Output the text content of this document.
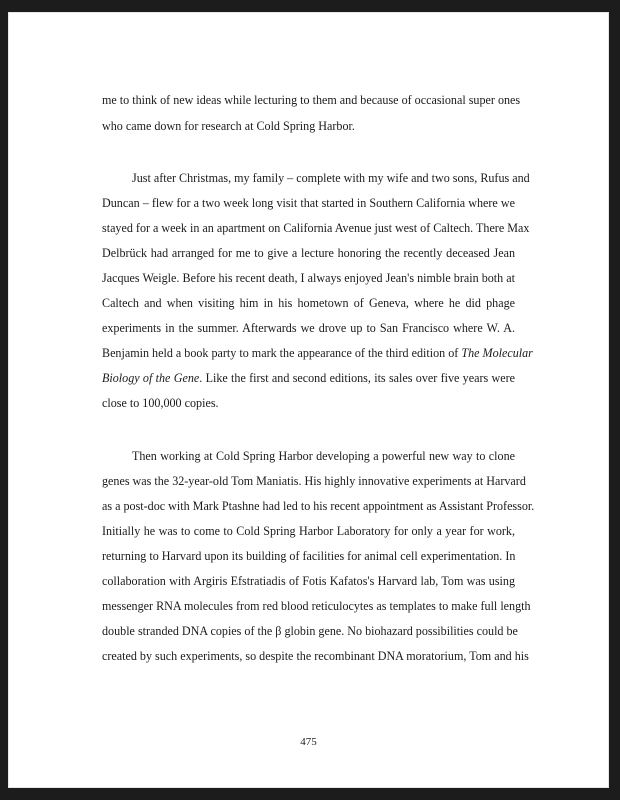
me to think of new ideas while lecturing to them and because of occasional super ones
who came down for research at Cold Spring Harbor.
Just after Christmas, my family – complete with my wife and two sons, Rufus and
Duncan – flew for a two week long visit that started in Southern California where we
stayed for a week in an apartment on California Avenue just west of Caltech. There Max
Delbrück had arranged for me to give a lecture honoring the recently deceased Jean
Jacques Weigle. Before his recent death, I always enjoyed Jean's nimble brain both at
Caltech and when visiting him in his hometown of Geneva, where he did phage
experiments in the summer. Afterwards we drove up to San Francisco where W. A.
Benjamin held a book party to mark the appearance of the third edition of The Molecular
Biology of the Gene. Like the first and second editions, its sales over five years were
close to 100,000 copies.
Then working at Cold Spring Harbor developing a powerful new way to clone
genes was the 32-year-old Tom Maniatis. His highly innovative experiments at Harvard
as a post-doc with Mark Ptashne had led to his recent appointment as Assistant Professor.
Initially he was to come to Cold Spring Harbor Laboratory for only a year for work,
returning to Harvard upon its building of facilities for animal cell experimentation. In
collaboration with Argiris Efstratiadis of Fotis Kafatos's Harvard lab, Tom was using
messenger RNA molecules from red blood reticulocytes as templates to make full length
double stranded DNA copies of the β globin gene. No biohazard possibilities could be
created by such experiments, so despite the recombinant DNA moratorium, Tom and his
475
